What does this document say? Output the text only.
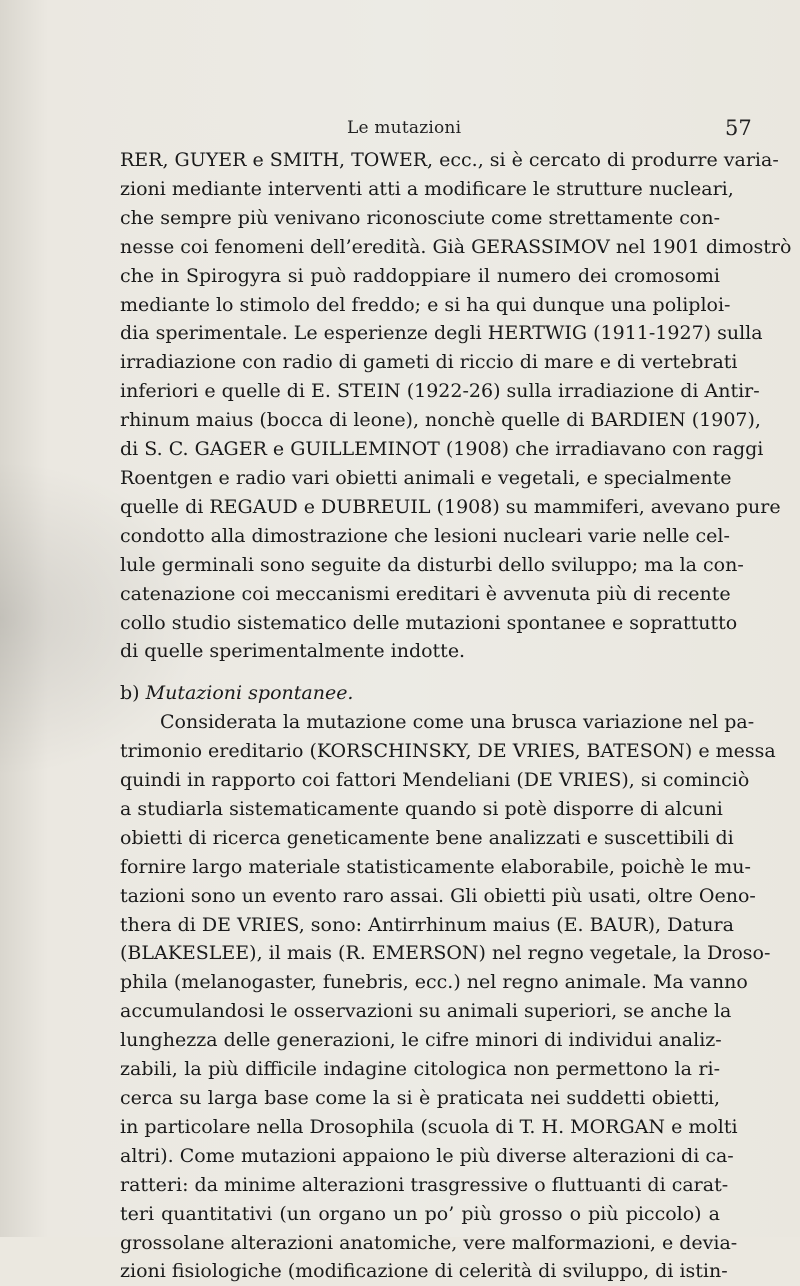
Le mutazioni	57
RER, GUYER e SMITH, TOWER, ecc., si è cercato di produrre varia-
zioni mediante interventi atti a modificare le strutture nucleari,
che sempre più venivano riconosciute come strettamente con-
nesse coi fenomeni dell’eredità. Già GERASSIMOV nel 1901 dimostrò
che in Spirogyra si può raddoppiare il numero dei cromosomi
mediante lo stimolo del freddo; e si ha qui dunque una poliploi-
dia sperimentale. Le esperienze degli HERTWIG (1911-1927) sulla
irradiazione con radio di gameti di riccio di mare e di vertebrati
inferiori e quelle di E. STEIN (1922-26) sulla irradiazione di Antir-
rhinum maius (bocca di leone), nonchè quelle di BARDIEN (1907),
di S. C. GAGER e GUILLEMINOT (1908) che irradiavano con raggi
Roentgen e radio vari obietti animali e vegetali, e specialmente
quelle di REGAUD e DUBREUIL (1908) su mammiferi, avevano pure
condotto alla dimostrazione che lesioni nucleari varie nelle cel-
lule germinali sono seguite da disturbi dello sviluppo; ma la con-
catenazione coi meccanismi ereditari è avvenuta più di recente
collo studio sistematico delle mutazioni spontanee e soprattutto
di quelle sperimentalmente indotte.
b) Mutazioni spontanee.
Considerata la mutazione come una brusca variazione nel pa-
trimonio ereditario (KORSCHINSKY, DE VRIES, BATESON) e messa
quindi in rapporto coi fattori Mendeliani (DE VRIES), si cominciò
a studiarla sistematicamente quando si potè disporre di alcuni
obietti di ricerca geneticamente bene analizzati e suscettibili di
fornire largo materiale statisticamente elaborabile, poichè le mu-
tazioni sono un evento raro assai. Gli obietti più usati, oltre Oeno-
thera di DE VRIES, sono: Antirrhinum maius (E. BAUR), Datura
(BLAKESLEE), il mais (R. EMERSON) nel regno vegetale, la Droso-
phila (melanogaster, funebris, ecc.) nel regno animale. Ma vanno
accumulandosi le osservazioni su animali superiori, se anche la
lunghezza delle generazioni, le cifre minori di individui analiz-
zabili, la più difficile indagine citologica non permettono la ri-
cerca su larga base come la si è praticata nei suddetti obietti,
in particolare nella Drosophila (scuola di T. H. MORGAN e molti
altri). Come mutazioni appaiono le più diverse alterazioni di ca-
ratteri: da minime alterazioni trasgressive o fluttuanti di carat-
teri quantitativi (un organo un po’ più grosso o più piccolo) a
grossolane alterazioni anatomiche, vere malformazioni, e devia-
zioni fisiologiche (modificazione di celerità di sviluppo, di istin-
